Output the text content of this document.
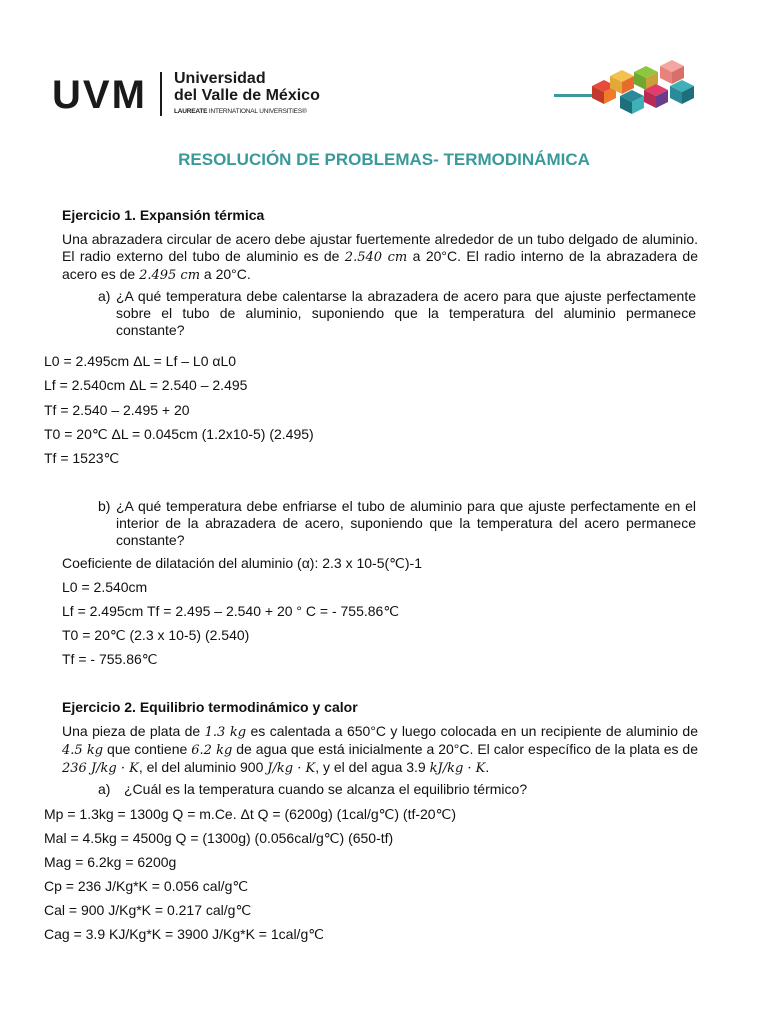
UVM Universidad
del Valle de México
LAUREATE INTERNATIONAL UNIVERSITIES®
RESOLUCIÓN DE PROBLEMAS- TERMODINÁMICA
Ejercicio 1. Expansión térmica
Una abrazadera circular de acero debe ajustar fuertemente alrededor de un tubo delgado de aluminio. El radio externo del tubo de aluminio es de 2.540 cm a 20°C. El radio interno de la abrazadera de acero es de 2.495 cm a 20°C.
a) ¿A qué temperatura debe calentarse la abrazadera de acero para que ajuste perfectamente sobre el tubo de aluminio, suponiendo que la temperatura del aluminio permanece constante?
L0 = 2.495cm ΔL = Lf – L0 αL0
Lf = 2.540cm ΔL = 2.540 – 2.495
Tf = 2.540 – 2.495 + 20
T0 = 20℃ ΔL = 0.045cm (1.2x10-5) (2.495)
Tf = 1523℃
b) ¿A qué temperatura debe enfriarse el tubo de aluminio para que ajuste perfectamente en el interior de la abrazadera de acero, suponiendo que la temperatura del acero permanece constante?
Coeficiente de dilatación del aluminio (α): 2.3 x 10-5(℃)-1
L0 = 2.540cm
Lf = 2.495cm Tf = 2.495 – 2.540 + 20 ° C = - 755.86℃
T0 = 20℃ (2.3 x 10-5) (2.540)
Tf = - 755.86℃
Ejercicio 2. Equilibrio termodinámico y calor
Una pieza de plata de 1.3 kg es calentada a 650°C y luego colocada en un recipiente de aluminio de 4.5 kg que contiene 6.2 kg de agua que está inicialmente a 20°C. El calor específico de la plata es de 236 J/kg · K, el del aluminio 900 J/kg · K, y el del agua 3.9 kJ/kg · K.
a) ¿Cuál es la temperatura cuando se alcanza el equilibrio térmico?
Mp = 1.3kg = 1300g Q = m.Ce. Δt Q = (6200g) (1cal/g℃) (tf-20℃)
Mal = 4.5kg = 4500g Q = (1300g) (0.056cal/g℃) (650-tf)
Mag = 6.2kg = 6200g
Cp = 236 J/Kg*K = 0.056 cal/g℃
Cal = 900 J/Kg*K = 0.217 cal/g℃
Cag = 3.9 KJ/Kg*K = 3900 J/Kg*K = 1cal/g℃
